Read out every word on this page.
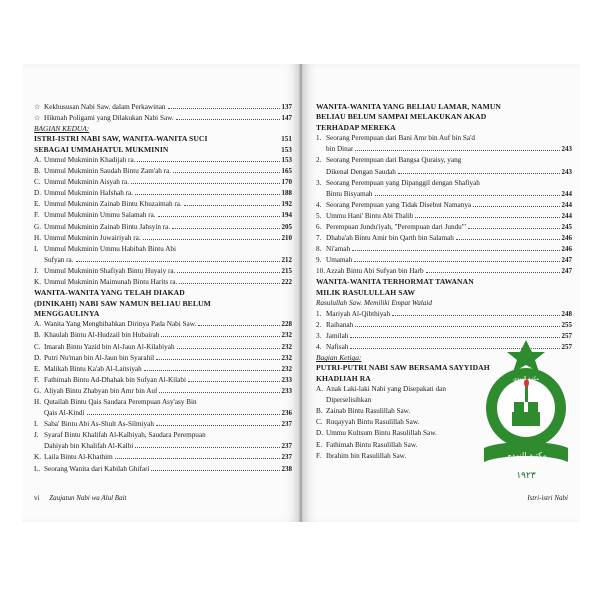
☆ Kekhususan Nabi Saw. dalam Perkawinan	137
☆ Hikmah Poligami yang Dilakukan Nabi Saw.	147
BAGIAN KEDUA:
ISTRI-ISTRI NABI SAW, WANITA-WANITA SUCI	151
SEBAGAI UMMAHATUL MUKMININ	153
A. Ummul Mukminin Khadijah ra.	153
B. Ummul Mukminin Saudah Bintu Zam'ah ra.	165
C. Ummul Mukminin Aisyah ra.	170
D. Ummul Mukminin Hafshah ra.	188
E. Ummul Mukminin Zainab Bintu Khuzaimah ra.	192
F. Ummul Mukminin Ummu Salamah ra.	194
G. Ummul Mukminin Zainab Bintu Jahsyin ra.	205
H. Ummul Mukminin Juwairiyah ra.	210
I. Ummul Mukminin Ummu Habibah Bintu Abi
Sufyan ra.	212
J. Ummul Mukminin Shafiyah Bintu Huyaiy ra.	215
K. Ummul Mukminin Maimunah Bintu Harits ra.	222
WANITA-WANITA YANG TELAH DIAKAD
(DINIKAHI) NABI SAW NAMUN BELIAU BELUM
MENGGAULINYA
A. Wanita Yang Menghibahkan Dirinya Pada Nabi Saw.	228
B. Khaulah Bintu Al-Hudzail bin Hubairah	232
C. Imarah Bintu Yazid bin Al-Jaun Al-Kilabiyah	232
D. Putri Nu'man bin Al-Jaun bin Syarahil	232
E. Malikah Bintu Ka'ab Al-Laitsiyah	232
F. Fathimah Bintu Ad-Dhahak bin Sufyan Al-Kilabi	233
G. Aliyah Bintu Zhabyan bin Amr bin Auf	233
H. Qutailah Bintu Qais Saudara Perempuan Asy'asy Bin
Qais Al-Kindi	236
I. Saba' Bintu Abi As-Shult As-Silmiyah	237
J. Syaraf Bintu Khalifah Al-Kalbiyah, Saudara Perempuan
Dahiyah bin Khalifah Al-Kalbi	237
K. Laila Bintu Al-Khathim	237
L. Seorang Wanita dari Kabilah Ghifari	238
vi Zaujatun Nabi wa Alul Bait
WANITA-WANITA YANG BELIAU LAMAR, NAMUN
BELIAU BELUM SAMPAI MELAKUKAN AKAD
TERHADAP MEREKA
1. Seorang Perempuan dari Bani Amr bin Auf bin Sa'd
bin Dinar	243
2. Seorang Perempuan dari Bangsa Quraisy, yang
Dikenal Dengan Saudah	243
3. Seorang Perempuan yang Dipanggil dengan Shafiyah
Bintu Bisyamah	244
4. Seorang Perempuan yang Tidak Disebut Namanya	244
5. Ummu Hani' Bintu Abi Thalib	244
6. Perempuan Jundu'iyah, "Perempuan dari Jundu'"	245
7. Dhaba'ah Bintu Amir bin Qarth bin Salamah	246
8. Ni'amah	246
9. Umamah	247
10. Azzah Bintu Abi Sufyan bin Harb	247
WANITA-WANITA TERHORMAT TAWANAN
MILIK RASULULLAH SAW
Rasulullah Saw. Memiliki Empat Walaid
1. Mariyah Al-Qibthiyah	248
2. Raihanah	255
3. Jamilah	257
4. Nafisah	257
Bagian Ketiga:
PUTRI-PUTRI NABI SAW BERSAMA SAYYIDAH
KHADIJAH RA
A. Anak Laki-laki Nabi yang Disepakati dan
Diperselisihkan
B. Zainab Bintu Rasulillah Saw.
C. Ruqayyah Bintu Rasulillah Saw.
D. Ummu Kultsum Bintu Rasulillah Saw.
E. Fathimah Bintu Rasulillah Saw.
F. Ibrahim bin Rasulillah Saw.
Istri-istri Nabi
مكتبة النهدي
مكتبة النهدي
١٩٢٣
